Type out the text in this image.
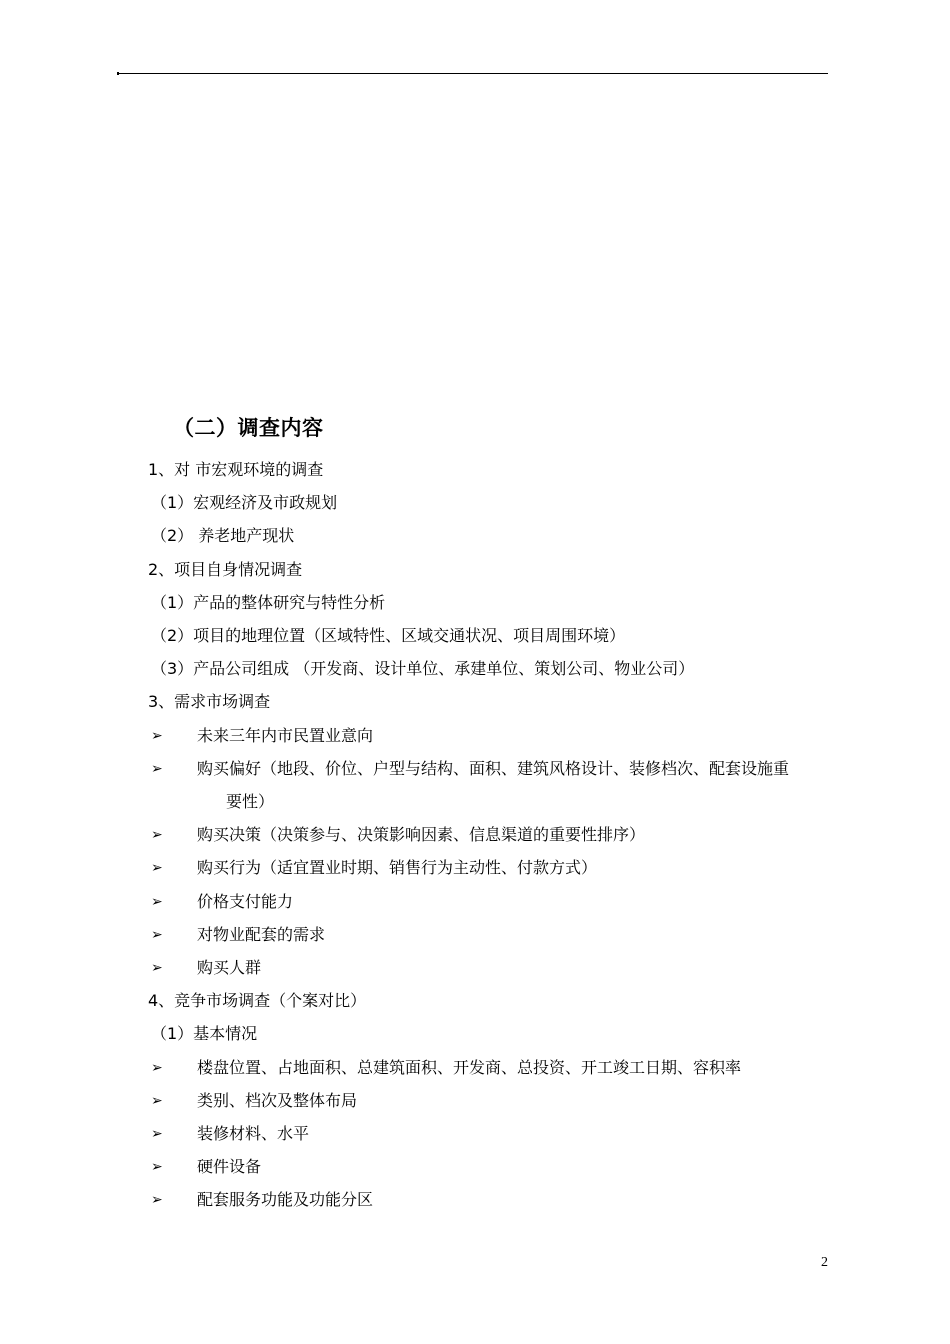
（二）调查内容
1、对 市宏观环境的调查
（1）宏观经济及市政规划
（2） 养老地产现状
2、项目自身情况调查
（1）产品的整体研究与特性分析
（2）项目的地理位置（区域特性、区域交通状况、项目周围环境）
（3）产品公司组成 （开发商、设计单位、承建单位、策划公司、物业公司）
3、需求市场调查
➢ 未来三年内市民置业意向
➢ 购买偏好（地段、价位、户型与结构、面积、建筑风格设计、装修档次、配套设施重
要性）
➢ 购买决策（决策参与、决策影响因素、信息渠道的重要性排序）
➢ 购买行为（适宜置业时期、销售行为主动性、付款方式）
➢ 价格支付能力
➢ 对物业配套的需求
➢ 购买人群
4、竞争市场调查（个案对比）
（1）基本情况
➢ 楼盘位置、占地面积、总建筑面积、开发商、总投资、开工竣工日期、容积率
➢ 类别、档次及整体布局
➢ 装修材料、水平
➢ 硬件设备
➢ 配套服务功能及功能分区
2
